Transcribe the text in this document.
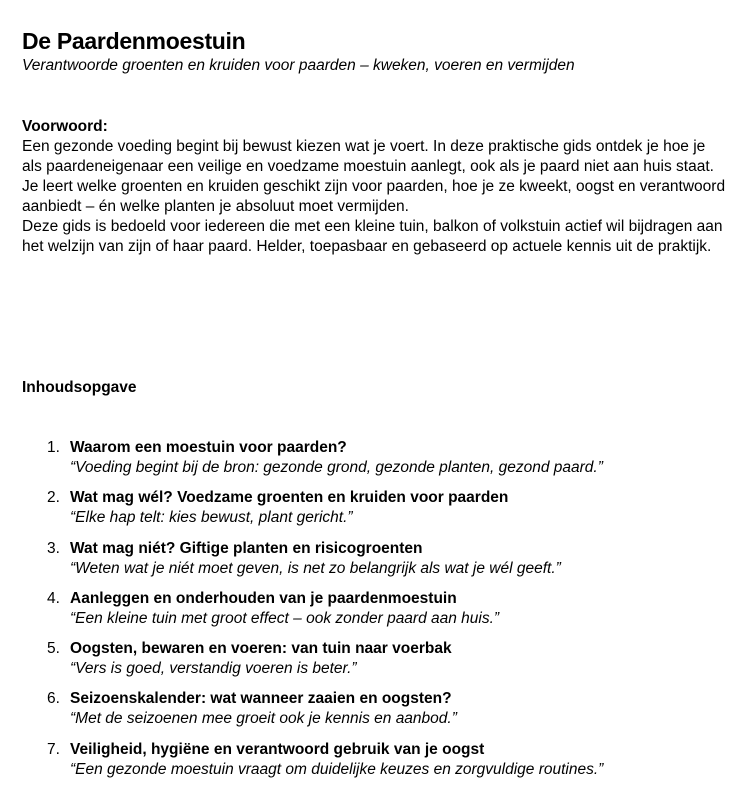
De Paardenmoestuin
Verantwoorde groenten en kruiden voor paarden – kweken, voeren en vermijden
Voorwoord:

Een gezonde voeding begint bij bewust kiezen wat je voert. In deze praktische gids ontdek je hoe je als paardeneigenaar een veilige en voedzame moestuin aanlegt, ook als je paard niet aan huis staat. Je leert welke groenten en kruiden geschikt zijn voor paarden, hoe je ze kweekt, oogst en verantwoord aanbiedt – én welke planten je absoluut moet vermijden.

Deze gids is bedoeld voor iedereen die met een kleine tuin, balkon of volkstuin actief wil bijdragen aan het welzijn van zijn of haar paard. Helder, toepasbaar en gebaseerd op actuele kennis uit de praktijk.

Inhoudsopgave
1. Waarom een moestuin voor paarden?
“Voeding begint bij de bron: gezonde grond, gezonde planten, gezond paard.”
2. Wat mag wél? Voedzame groenten en kruiden voor paarden
“Elke hap telt: kies bewust, plant gericht.”
3. Wat mag niét? Giftige planten en risicogroenten
“Weten wat je niét moet geven, is net zo belangrijk als wat je wél geeft.”
4. Aanleggen en onderhouden van je paardenmoestuin
“Een kleine tuin met groot effect – ook zonder paard aan huis.”
5. Oogsten, bewaren en voeren: van tuin naar voerbak
“Vers is goed, verstandig voeren is beter.”
6. Seizoenskalender: wat wanneer zaaien en oogsten?
“Met de seizoenen mee groeit ook je kennis en aanbod.”
7. Veiligheid, hygiëne en verantwoord gebruik van je oogst
“Een gezonde moestuin vraagt om duidelijke keuzes en zorgvuldige routines.”
